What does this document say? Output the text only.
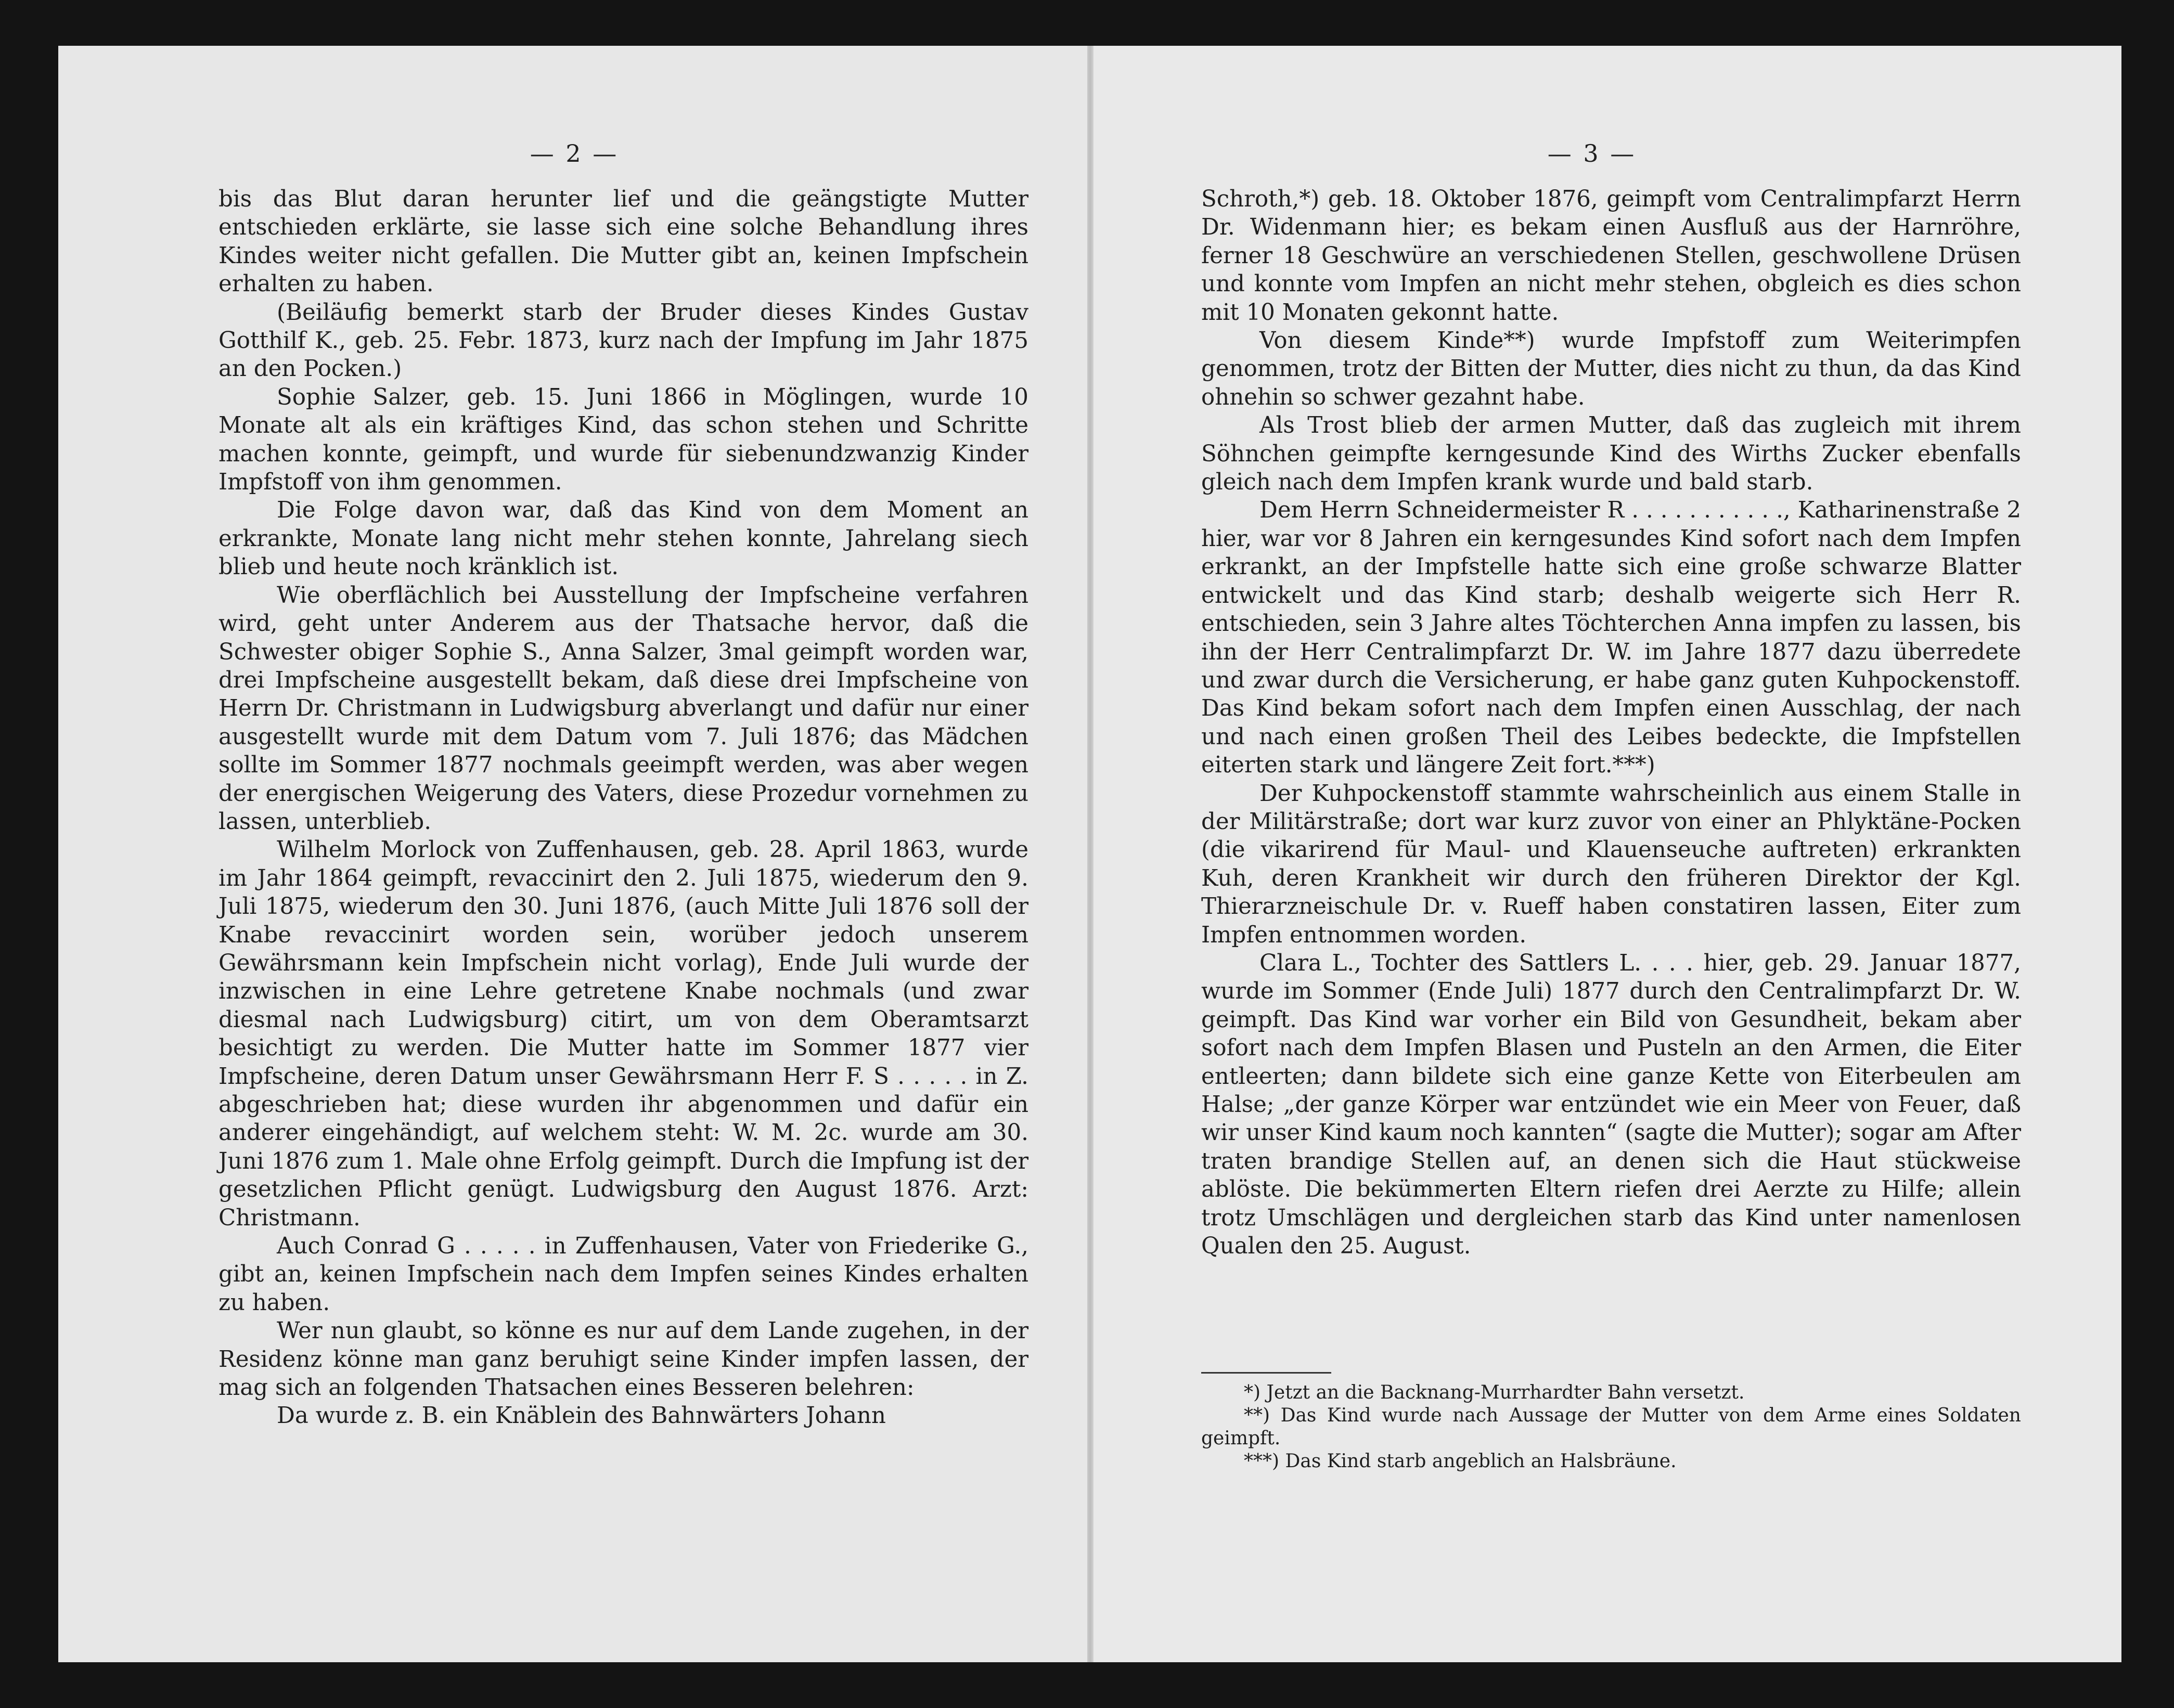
— 2 —

bis das Blut daran herunter lief und die geängstigte Mutter entschieden erklärte, sie lasse sich eine solche Behandlung ihres Kindes weiter nicht gefallen. Die Mutter gibt an, keinen Impfschein erhalten zu haben.

(Beiläufig bemerkt starb der Bruder dieses Kindes Gustav Gotthilf K., geb. 25. Febr. 1873, kurz nach der Impfung im Jahr 1875 an den Pocken.)

Sophie Salzer, geb. 15. Juni 1866 in Möglingen, wurde 10 Monate alt als ein kräftiges Kind, das schon stehen und Schritte machen konnte, geimpft, und wurde für siebenundzwanzig Kinder Impfstoff von ihm genommen.

Die Folge davon war, daß das Kind von dem Moment an erkrankte, Monate lang nicht mehr stehen konnte, Jahrelang siech blieb und heute noch kränklich ist.

Wie oberflächlich bei Ausstellung der Impfscheine verfahren wird, geht unter Anderem aus der Thatsache hervor, daß die Schwester obiger Sophie S., Anna Salzer, 3mal geimpft worden war, drei Impfscheine ausgestellt bekam, daß diese drei Impfscheine von Herrn Dr. Christmann in Ludwigsburg abverlangt und dafür nur einer ausgestellt wurde mit dem Datum vom 7. Juli 1876; das Mädchen sollte im Sommer 1877 nochmals geeimpft werden, was aber wegen der energischen Weigerung des Vaters, diese Prozedur vornehmen zu lassen, unterblieb.

Wilhelm Morlock von Zuffenhausen, geb. 28. April 1863, wurde im Jahr 1864 geimpft, revaccinirt den 2. Juli 1875, wiederum den 9. Juli 1875, wiederum den 30. Juni 1876, (auch Mitte Juli 1876 soll der Knabe revaccinirt worden sein, worüber jedoch unserem Gewährsmann kein Impfschein nicht vorlag), Ende Juli wurde der inzwischen in eine Lehre getretene Knabe nochmals (und zwar diesmal nach Ludwigsburg) citirt, um von dem Oberamtsarzt besichtigt zu werden. Die Mutter hatte im Sommer 1877 vier Impfscheine, deren Datum unser Gewährsmann Herr F. S . . . . . in Z. abgeschrieben hat; diese wurden ihr abgenommen und dafür ein anderer eingehändigt, auf welchem steht: W. M. 2c. wurde am 30. Juni 1876 zum 1. Male ohne Erfolg geimpft. Durch die Impfung ist der gesetzlichen Pflicht genügt. Ludwigsburg den August 1876. Arzt: Christmann.

Auch Conrad G . . . . . in Zuffenhausen, Vater von Friederike G., gibt an, keinen Impfschein nach dem Impfen seines Kindes erhalten zu haben.

Wer nun glaubt, so könne es nur auf dem Lande zugehen, in der Residenz könne man ganz beruhigt seine Kinder impfen lassen, der mag sich an folgenden Thatsachen eines Besseren belehren:

Da wurde z. B. ein Knäblein des Bahnwärters Johann

— 3 —

Schroth,*) geb. 18. Oktober 1876, geimpft vom Centralimpfarzt Herrn Dr. Widenmann hier; es bekam einen Ausfluß aus der Harnröhre, ferner 18 Geschwüre an verschiedenen Stellen, geschwollene Drüsen und konnte vom Impfen an nicht mehr stehen, obgleich es dies schon mit 10 Monaten gekonnt hatte.

Von diesem Kinde**) wurde Impfstoff zum Weiterimpfen genommen, trotz der Bitten der Mutter, dies nicht zu thun, da das Kind ohnehin so schwer gezahnt habe.

Als Trost blieb der armen Mutter, daß das zugleich mit ihrem Söhnchen geimpfte kerngesunde Kind des Wirths Zucker ebenfalls gleich nach dem Impfen krank wurde und bald starb.

Dem Herrn Schneidermeister R . . . . . . . . . . ., Katharinenstraße 2 hier, war vor 8 Jahren ein kerngesundes Kind sofort nach dem Impfen erkrankt, an der Impfstelle hatte sich eine große schwarze Blatter entwickelt und das Kind starb; deshalb weigerte sich Herr R. entschieden, sein 3 Jahre altes Töchterchen Anna impfen zu lassen, bis ihn der Herr Centralimpfarzt Dr. W. im Jahre 1877 dazu überredete und zwar durch die Versicherung, er habe ganz guten Kuhpockenstoff. Das Kind bekam sofort nach dem Impfen einen Ausschlag, der nach und nach einen großen Theil des Leibes bedeckte, die Impfstellen eiterten stark und längere Zeit fort.***)

Der Kuhpockenstoff stammte wahrscheinlich aus einem Stalle in der Militärstraße; dort war kurz zuvor von einer an Phlyktäne-Pocken (die vikarirend für Maul- und Klauenseuche auftreten) erkrankten Kuh, deren Krankheit wir durch den früheren Direktor der Kgl. Thierarzneischule Dr. v. Rueff haben constatiren lassen, Eiter zum Impfen entnommen worden.

Clara L., Tochter des Sattlers L. . . . hier, geb. 29. Januar 1877, wurde im Sommer (Ende Juli) 1877 durch den Centralimpfarzt Dr. W. geimpft. Das Kind war vorher ein Bild von Gesundheit, bekam aber sofort nach dem Impfen Blasen und Pusteln an den Armen, die Eiter entleerten; dann bildete sich eine ganze Kette von Eiterbeulen am Halse; „der ganze Körper war entzündet wie ein Meer von Feuer, daß wir unser Kind kaum noch kannten“ (sagte die Mutter); sogar am After traten brandige Stellen auf, an denen sich die Haut stückweise ablöste. Die bekümmerten Eltern riefen drei Aerzte zu Hilfe; allein trotz Umschlägen und dergleichen starb das Kind unter namenlosen Qualen den 25. August.

*) Jetzt an die Backnang-Murrhardter Bahn versetzt.

**) Das Kind wurde nach Aussage der Mutter von dem Arme eines Soldaten geimpft.

***) Das Kind starb angeblich an Halsbräune.
